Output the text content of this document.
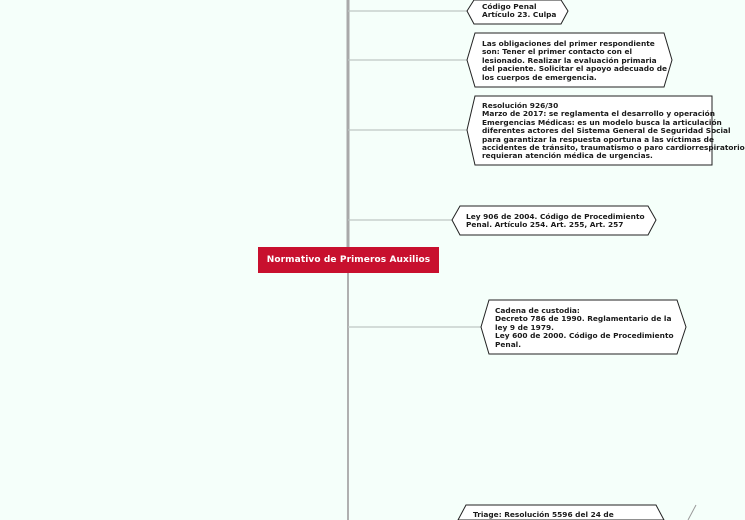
Normativo de Primeros Auxilios
Código Penal
Artículo 23. Culpa
Las obligaciones del primer respondiente
son: Tener el primer contacto con el
lesionado. Realizar la evaluación primaria
del paciente. Solicitar el apoyo adecuado de
los cuerpos de emergencia.
Resolución 926/30
Marzo de 2017: se reglamenta el desarrollo y operación
Emergencias Médicas: es un modelo busca la articulación
diferentes actores del Sistema General de Seguridad Social
para garantizar la respuesta oportuna a las víctimas de
accidentes de tránsito, traumatismo o paro cardiorrespiratorio
requieran atención médica de urgencias.
Ley 906 de 2004. Código de Procedimiento
Penal. Artículo 254. Art. 255, Art. 257
Cadena de custodia:
Decreto 786 de 1990. Reglamentario de la
ley 9 de 1979.
Ley 600 de 2000. Código de Procedimiento
Penal.
Triage: Resolución 5596 del 24 de
